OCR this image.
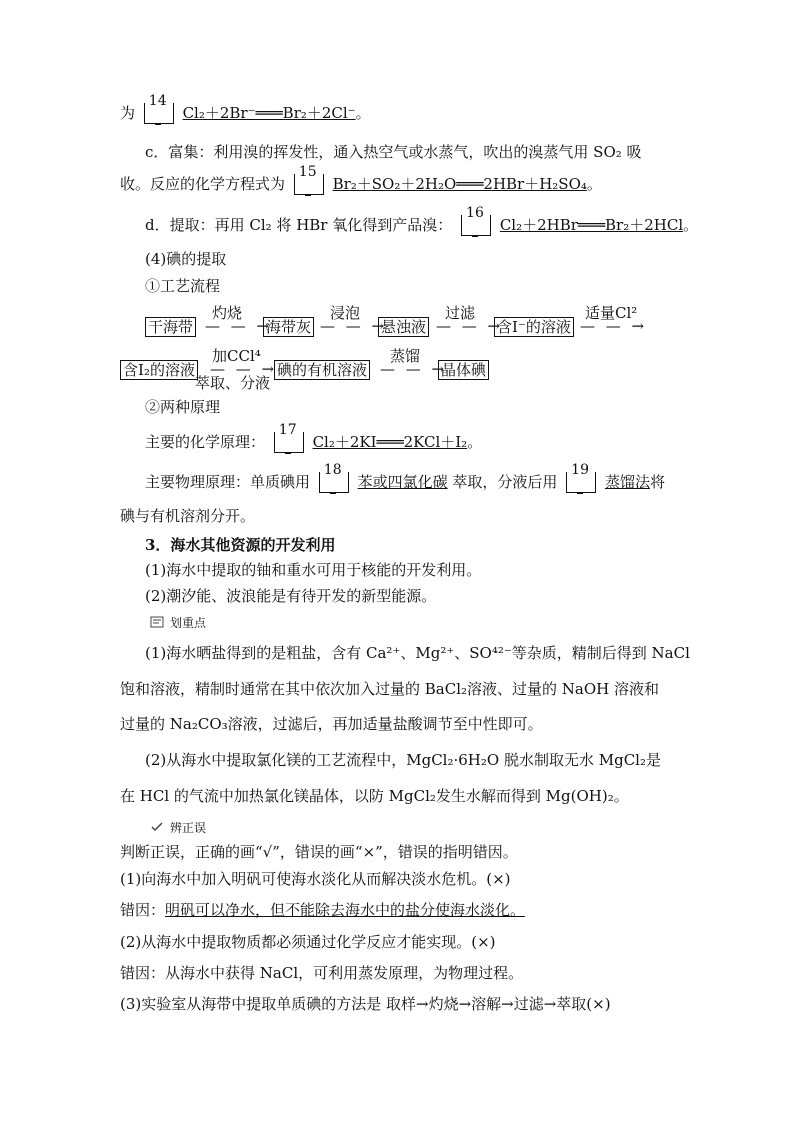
为
14
Cl₂＋2Br⁻═══Br₂＋2Cl⁻。
c．富集：利用溴的挥发性，通入热空气或水蒸气，吹出的溴蒸气用 SO₂ 吸
收。反应的化学方程式为
15
Br₂＋SO₂＋2H₂O═══2HBr＋H₂SO₄。
d．提取：再用 Cl₂ 将 HBr 氧化得到产品溴：
16
Cl₂＋2HBr═══Br₂＋2HCl。
(4)碘的提取
①工艺流程
灼烧	浸泡	过滤	适量Cl²
干海带 — — →
海带灰 — — →
悬浊液 — — →
含I⁻的溶液 — — →
加CCl⁴	蒸馏
含I₂的溶液 — — →
萃取、分液
碘的有机溶液 — — →
晶体碘
②两种原理
主要的化学原理：
17
Cl₂＋2KI═══2KCl＋I₂。
主要物理原理：单质碘用
18
苯或四氯化碳 萃取，分液后用
19
蒸馏法将
碘与有机溶剂分开。
3．海水其他资源的开发利用
(1)海水中提取的铀和重水可用于核能的开发利用。
(2)潮汐能、波浪能是有待开发的新型能源。
划重点
(1)海水晒盐得到的是粗盐，含有 Ca²⁺、Mg²⁺、SO⁴²⁻等杂质，精制后得到 NaCl
饱和溶液，精制时通常在其中依次加入过量的 BaCl₂溶液、过量的 NaOH 溶液和
过量的 Na₂CO₃溶液，过滤后，再加适量盐酸调节至中性即可。
(2)从海水中提取氯化镁的工艺流程中，MgCl₂·6H₂O 脱水制取无水 MgCl₂是
在 HCl 的气流中加热氯化镁晶体，以防 MgCl₂发生水解而得到 Mg(OH)₂。
辨正误
判断正误，正确的画“√”，错误的画“×”，错误的指明错因。
(1)向海水中加入明矾可使海水淡化从而解决淡水危机。(×)
错因：明矾可以净水，但不能除去海水中的盐分使海水淡化。
(2)从海水中提取物质都必须通过化学反应才能实现。(×)
错因：从海水中获得 NaCl，可利用蒸发原理，为物理过程。
(3)实验室从海带中提取单质碘的方法是 取样→灼烧→溶解→过滤→萃取(×)
